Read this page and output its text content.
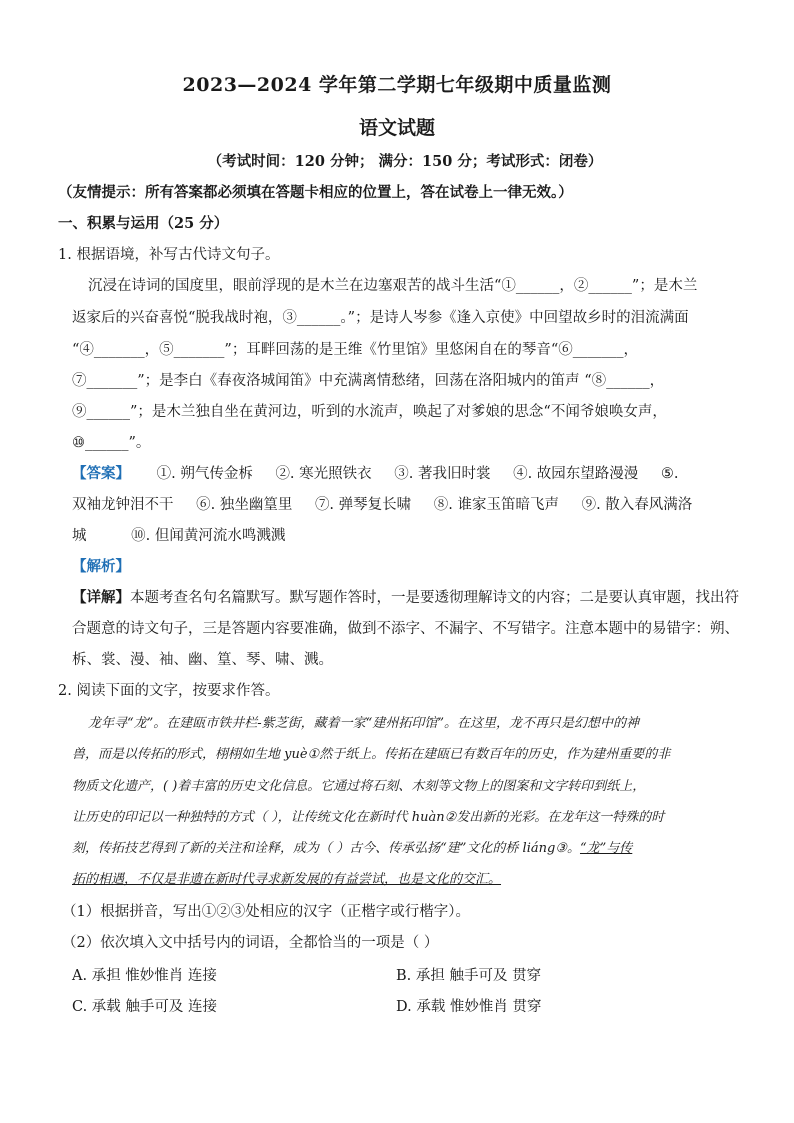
2023—2024 学年第二学期七年级期中质量监测
语文试题
（考试时间：120 分钟； 满分：150 分；考试形式：闭卷）
（友情提示：所有答案都必须填在答题卡相应的位置上，答在试卷上一律无效。）
一、积累与运用（25 分）
1. 根据语境，补写古代诗文句子。
沉浸在诗词的国度里，眼前浮现的是木兰在边塞艰苦的战斗生活“①______，②______”；是木兰
返家后的兴奋喜悦“脱我战时袍，③______。”；是诗人岑参《逢入京使》中回望故乡时的泪流满面
“④_______，⑤_______”；耳畔回荡的是王维《竹里馆》里悠闲自在的琴音“⑥_______，
⑦_______”；是李白《春夜洛城闻笛》中充满离情愁绪，回荡在洛阳城内的笛声 “⑧______，
⑨______”；是木兰独自坐在黄河边，听到的水流声，唤起了对爹娘的思念“不闻爷娘唤女声，
⑩______”。
【答案】 ①. 朔气传金柝 ②. 寒光照铁衣 ③. 著我旧时裳 ④. 故园东望路漫漫 ⑤.
双袖龙钟泪不干 ⑥. 独坐幽篁里 ⑦. 弹琴复长啸 ⑧. 谁家玉笛暗飞声 ⑨. 散入春风满洛
城	⑩. 但闻黄河流水鸣溅溅
【解析】
【详解】本题考查名句名篇默写。默写题作答时，一是要透彻理解诗文的内容；二是要认真审题，找出符
合题意的诗文句子，三是答题内容要准确，做到不添字、不漏字、不写错字。注意本题中的易错字：朔、
柝、裳、漫、袖、幽、篁、琴、啸、溅。
2. 阅读下面的文字，按要求作答。
龙年寻“龙”。在建瓯市铁井栏-紫芝街，藏着一家“建州拓印馆”。在这里，龙不再只是幻想中的神
兽，而是以传拓的形式，栩栩如生地 yuè①然于纸上。传拓在建瓯已有数百年的历史，作为建州重要的非
物质文化遗产，( )着丰富的历史文化信息。它通过将石刻、木刻等文物上的图案和文字转印到纸上，
让历史的印记以一种独特的方式（ ），让传统文化在新时代 huàn②发出新的光彩。在龙年这一特殊的时
刻，传拓技艺得到了新的关注和诠释，成为（ ）古今、传承弘扬“建”文化的桥 liáng③。“龙”与传
拓的相遇，不仅是非遗在新时代寻求新发展的有益尝试，也是文化的交汇。
（1）根据拼音，写出①②③处相应的汉字（正楷字或行楷字）。
（2）依次填入文中括号内的词语，全都恰当的一项是（ ）
A. 承担 惟妙惟肖 连接	B. 承担 触手可及 贯穿
C. 承载 触手可及 连接	D. 承载 惟妙惟肖 贯穿
